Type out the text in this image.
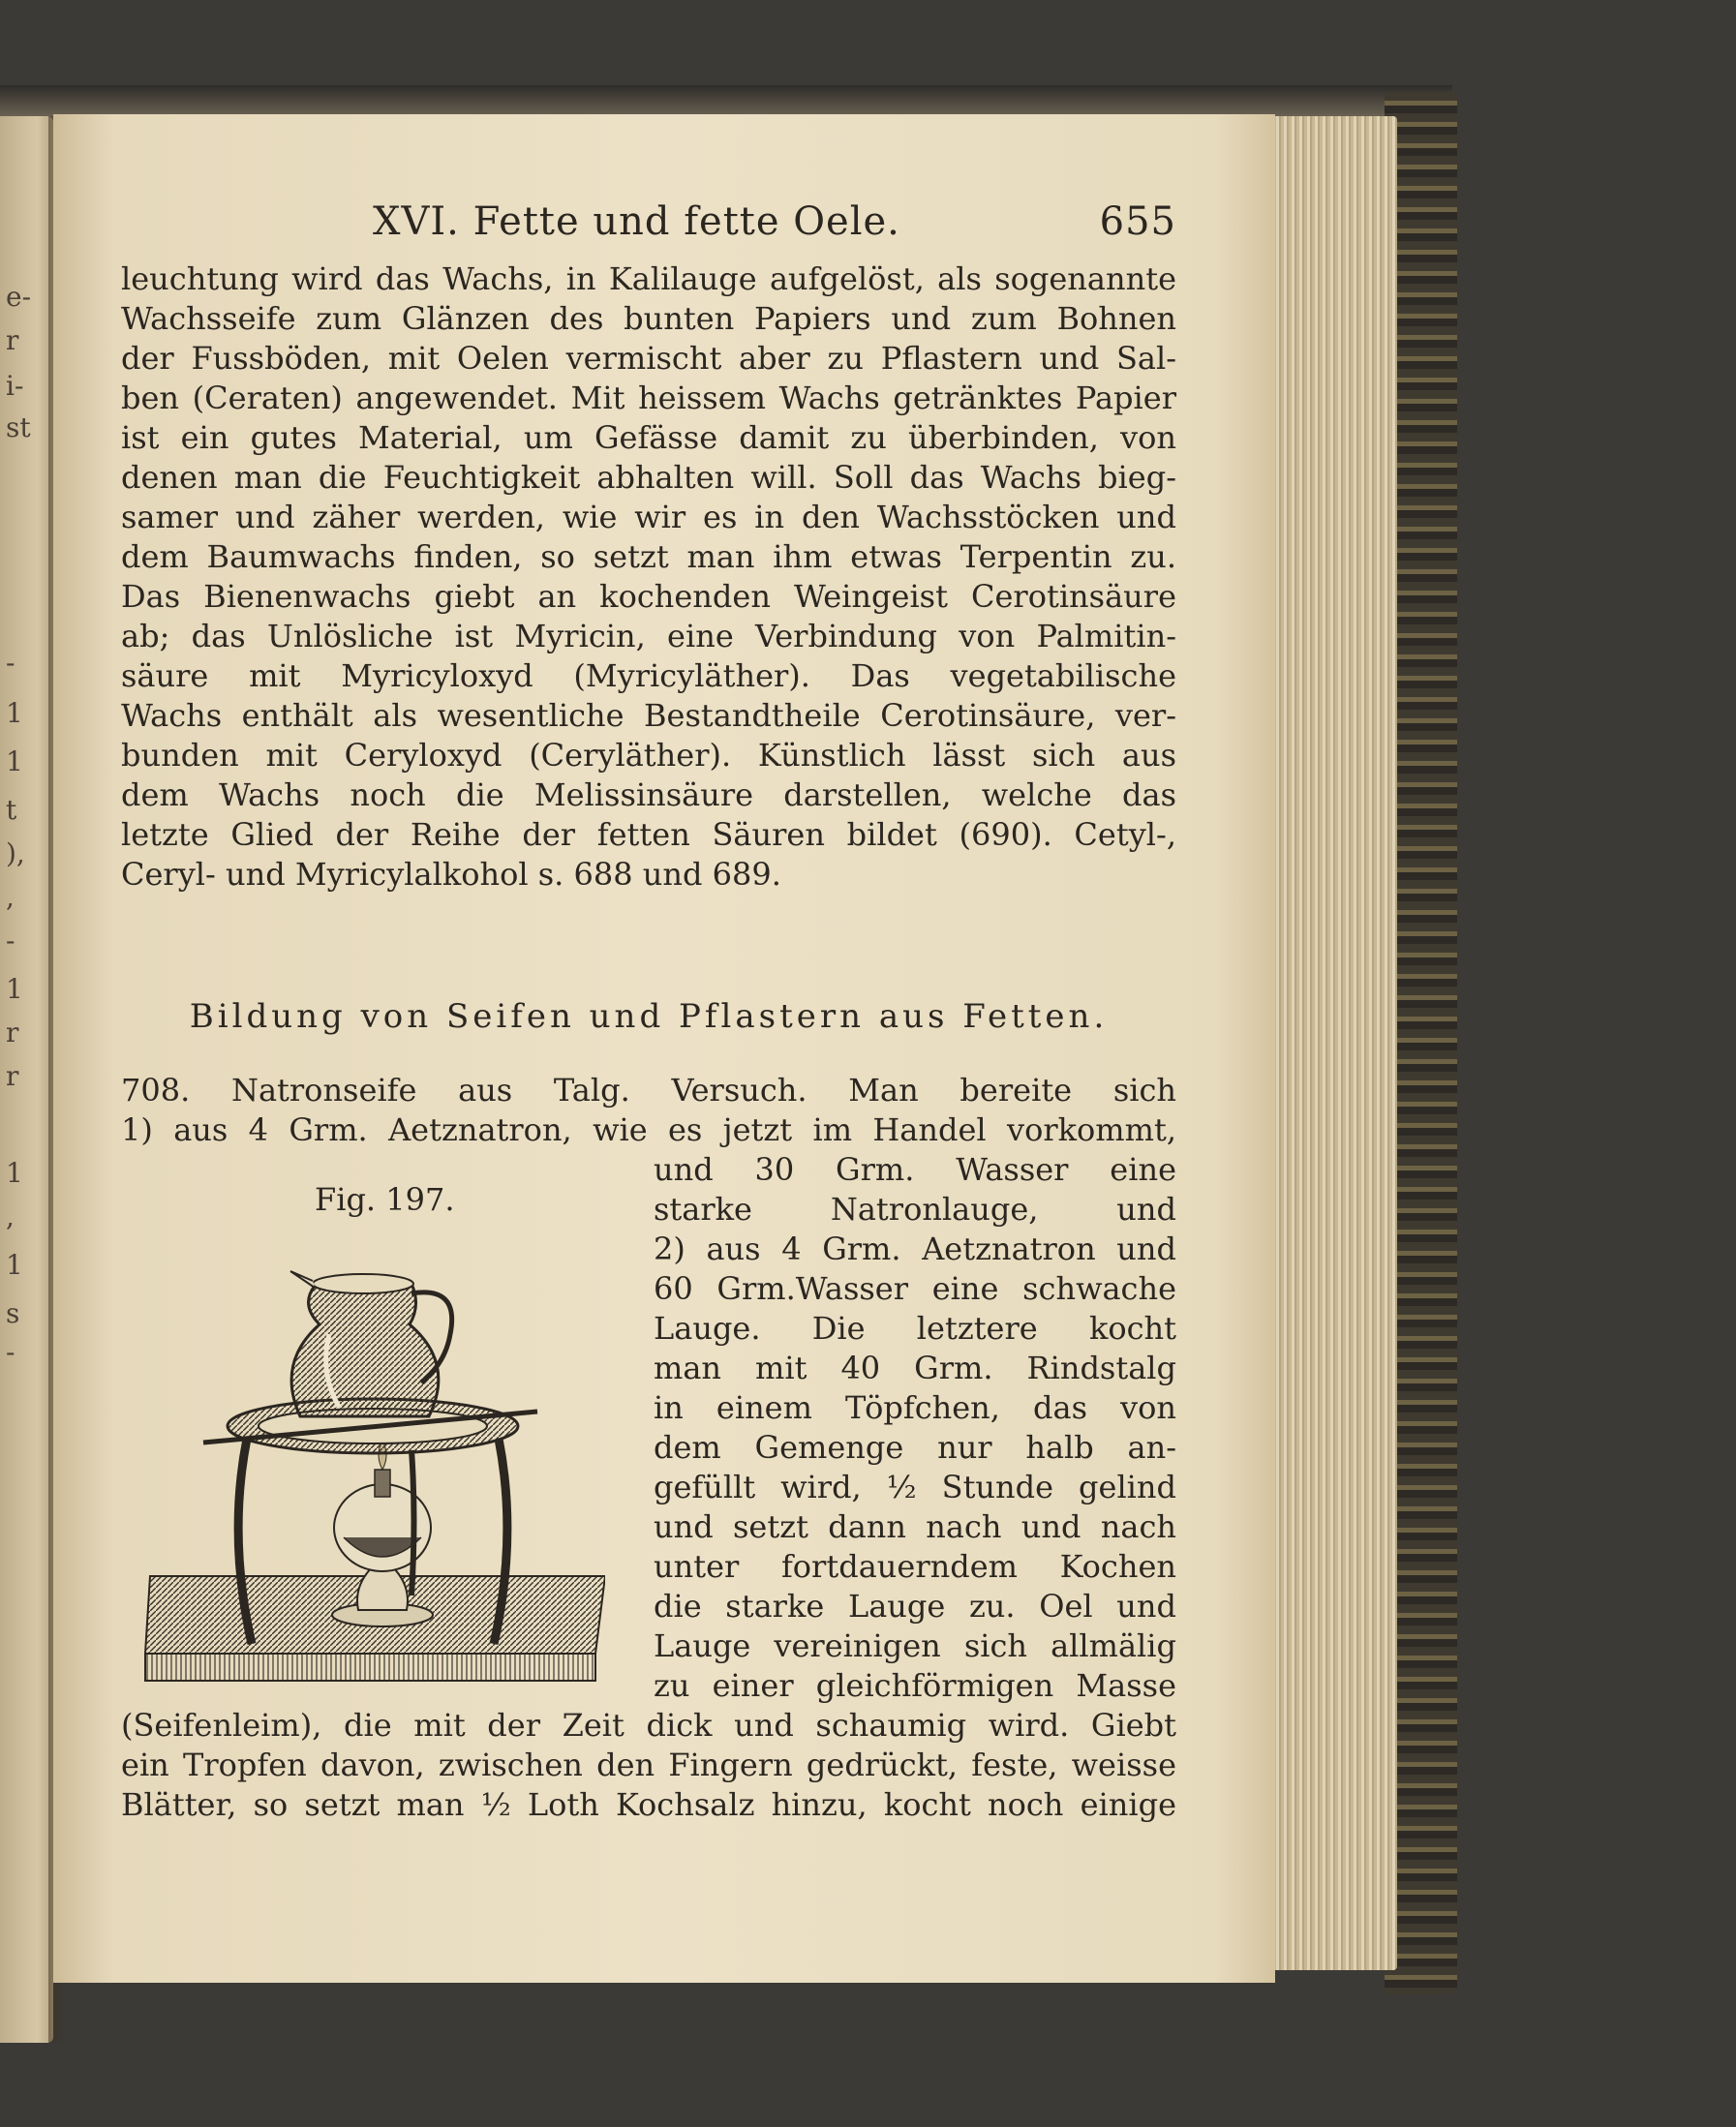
e-
r
i-
st
-
1
1
t
),
,
-
1
r
r
1
,
1
s
-
XVI. Fette und fette Oele.	655
leuchtung wird das Wachs, in Kalilauge aufgelöst, als sogenannte
Wachsseife zum Glänzen des bunten Papiers und zum Bohnen
der Fussböden, mit Oelen vermischt aber zu Pflastern und Sal-
ben (Ceraten) angewendet. Mit heissem Wachs getränktes Papier
ist ein gutes Material, um Gefässe damit zu überbinden, von
denen man die Feuchtigkeit abhalten will. Soll das Wachs bieg-
samer und zäher werden, wie wir es in den Wachsstöcken und
dem Baumwachs finden, so setzt man ihm etwas Terpentin zu.
Das Bienenwachs giebt an kochenden Weingeist Cerotinsäure
ab; das Unlösliche ist Myricin, eine Verbindung von Palmitin-
säure mit Myricyloxyd (Myricyläther). Das vegetabilische
Wachs enthält als wesentliche Bestandtheile Cerotinsäure, ver-
bunden mit Ceryloxyd (Ceryläther). Künstlich lässt sich aus
dem Wachs noch die Melissinsäure darstellen, welche das
letzte Glied der Reihe der fetten Säuren bildet (690). Cetyl-,
Ceryl- und Myricylalkohol s. 688 und 689.
Bildung von Seifen und Pflastern aus Fetten.
708. Natronseife aus Talg. Versuch. Man bereite sich
1) aus 4 Grm. Aetznatron, wie es jetzt im Handel vorkommt,
Fig. 197.
und 30 Grm. Wasser eine
starke Natronlauge, und
2) aus 4 Grm. Aetznatron und
60 Grm.Wasser eine schwache
Lauge. Die letztere kocht
man mit 40 Grm. Rindstalg
in einem Töpfchen, das von
dem Gemenge nur halb an-
gefüllt wird, ½ Stunde gelind
und setzt dann nach und nach
unter fortdauerndem Kochen
die starke Lauge zu. Oel und
Lauge vereinigen sich allmälig
zu einer gleichförmigen Masse
(Seifenleim), die mit der Zeit dick und schaumig wird. Giebt
ein Tropfen davon, zwischen den Fingern gedrückt, feste, weisse
Blätter, so setzt man ½ Loth Kochsalz hinzu, kocht noch einige
